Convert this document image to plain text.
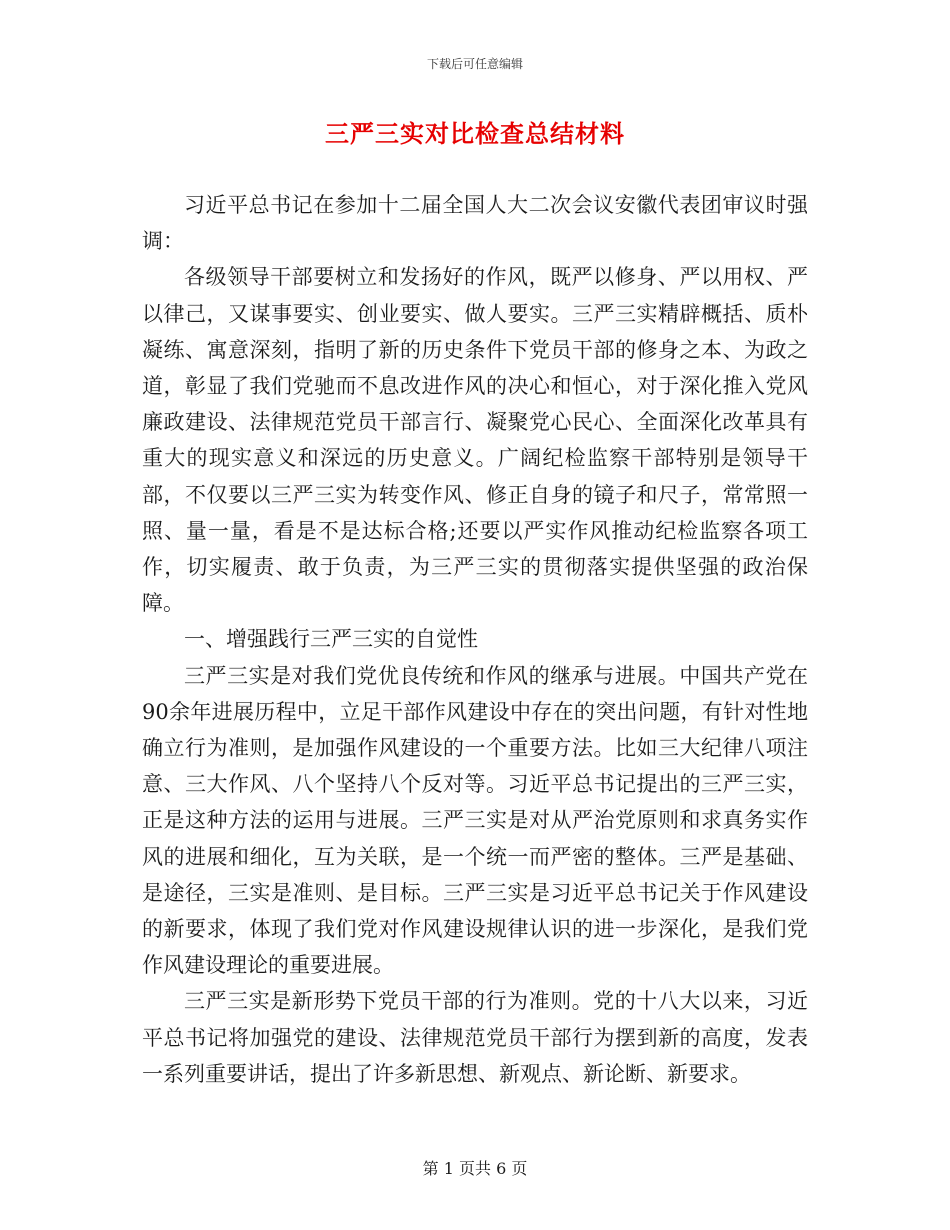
下载后可任意编辑
三严三实对比检查总结材料

习近平总书记在参加十二届全国人大二次会议安徽代表团审议时强调：

各级领导干部要树立和发扬好的作风，既严以修身、严以用权、严以律己，又谋事要实、创业要实、做人要实。三严三实精辟概括、质朴凝练、寓意深刻，指明了新的历史条件下党员干部的修身之本、为政之道，彰显了我们党驰而不息改进作风的决心和恒心，对于深化推入党风廉政建设、法律规范党员干部言行、凝聚党心民心、全面深化改革具有重大的现实意义和深远的历史意义。广阔纪检监察干部特别是领导干部，不仅要以三严三实为转变作风、修正自身的镜子和尺子，常常照一照、量一量，看是不是达标合格;还要以严实作风推动纪检监察各项工作，切实履责、敢于负责，为三严三实的贯彻落实提供坚强的政治保障。

一、增强践行三严三实的自觉性

三严三实是对我们党优良传统和作风的继承与进展。中国共产党在90余年进展历程中，立足干部作风建设中存在的突出问题，有针对性地确立行为准则，是加强作风建设的一个重要方法。比如三大纪律八项注意、三大作风、八个坚持八个反对等。习近平总书记提出的三严三实，正是这种方法的运用与进展。三严三实是对从严治党原则和求真务实作风的进展和细化，互为关联，是一个统一而严密的整体。三严是基础、是途径，三实是准则、是目标。三严三实是习近平总书记关于作风建设的新要求，体现了我们党对作风建设规律认识的进一步深化，是我们党作风建设理论的重要进展。

三严三实是新形势下党员干部的行为准则。党的十八大以来，习近平总书记将加强党的建设、法律规范党员干部行为摆到新的高度，发表一系列重要讲话，提出了许多新思想、新观点、新论断、新要求。

第 1 页共 6 页
